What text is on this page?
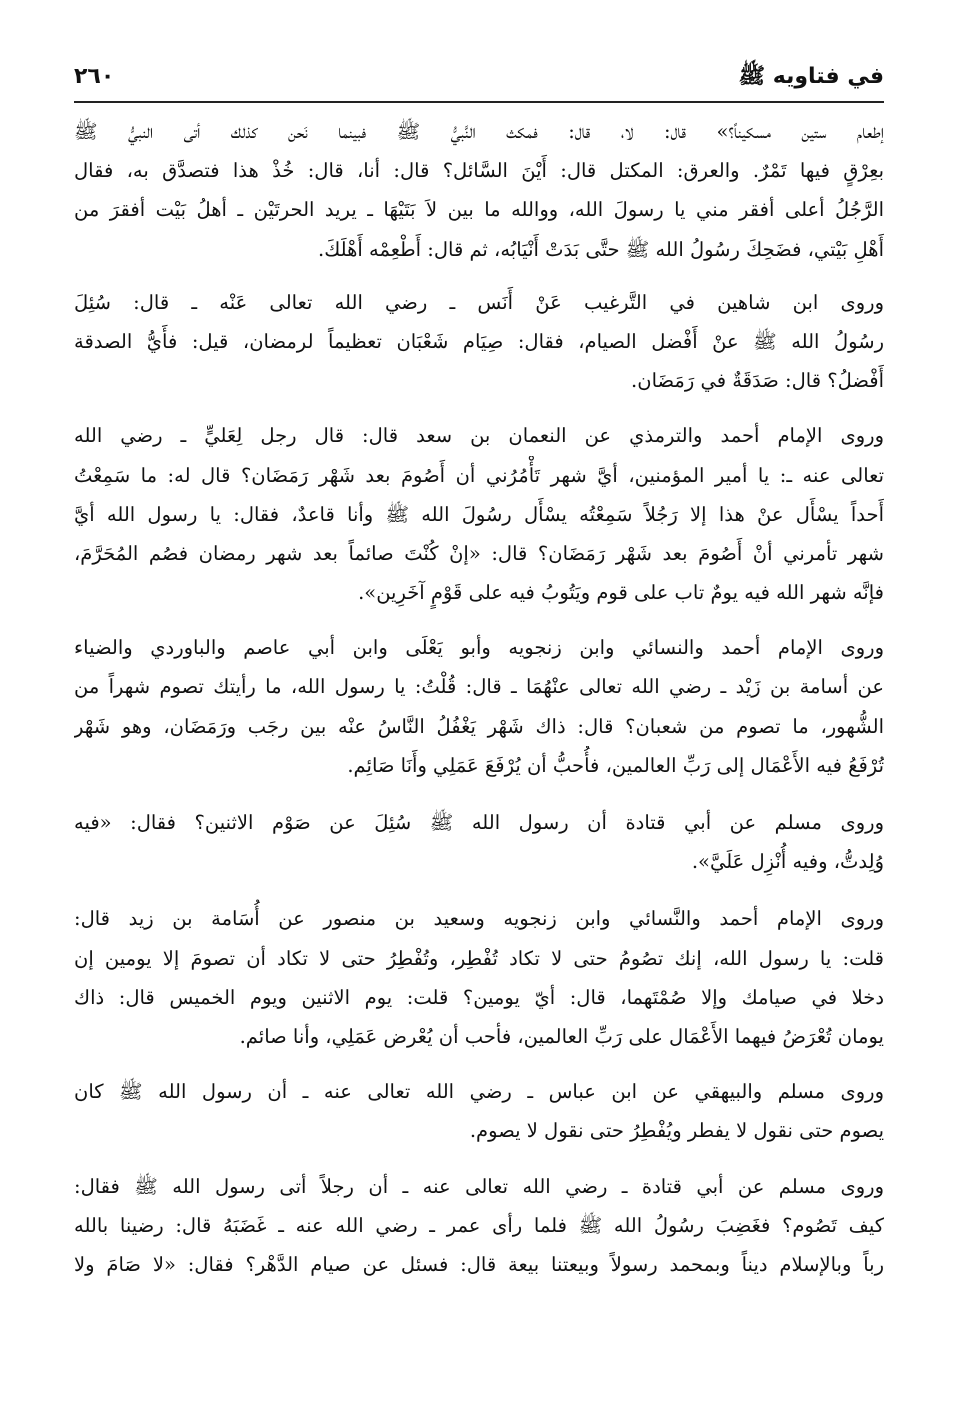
في فتاويه ﷺ
٢٦٠
إطعام ستين مسكيناً؟» قال: لا، قال: فمكث النَّبيُّ ﷺ فبينما نَحن كذلك أتى النبيُّ ﷺ
بعِرْقٍ فيها تَمْرٌ. والعرق: المكتل قال: أَيْنَ السَّائل؟ قال: أنا، قال: خُذْ هذا فتصدَّق به، فقال
الرَّجُلُ أعلى أفقر مني يا رسولَ الله، ووالله ما بين لاَ بَتَيْهَا ـ يريد الحرتَيْن ـ أهلُ بَيْت أفقرَ من
أَهْلِ بَيْتي، فضَحِكَ رسُولُ الله ﷺ حتَّى بَدَتْ أَنْيَابُه، ثم قال: أَطْعِمْه أَهْلَكَ.
وروى ابن شاهين في التَّرغيب عَنْ أَنَس ـ رضي الله تعالى عَنْه ـ قال: سُئِلَ
رسُولُ الله ﷺ عنْ أَفْضل الصيام، فقال: صِيَام شَعْبَان تعظيماً لرمضان، قيل: فأَيُّ الصدقة
أَفْضلُ؟ قال: صَدَقَةٌ في رَمَضَان.
وروى الإمام أحمد والترمذي عن النعمان بن سعد قال: قال رجل لِعَليٍّ ـ رضي الله
تعالى عنه ـ: يا أمير المؤمنين، أيَّ شهر تَأْمُرُني أن أَصُومَ بعد شَهْر رَمَضَان؟ قال له: ما سَمِعْتُ
أَحداً يسْأَل عنْ هذا إلا رَجُلاً سَمِعْتُه يسْأَل رسُولَ الله ﷺ وأنا قاعدٌ، فقال: يا رسول الله أيَّ
شهر تأمرني أنْ أَصُومَ بعد شَهْر رَمَضَان؟ قال: «إنْ كُنْتَ صائماً بعد شهر رمضان فصُم المُحَرَّمَ،
فإنَّه شهر الله فيه يومٌ تاب على قوم ويَتُوبُ فيه على قَوْمٍ آخَرِين».
وروى الإمام أحمد والنسائي وابن زنجويه وأبو يَعْلَى وابن أبي عاصم والباوردي والضياء
عن أسامة بن زَيْد ـ رضي الله تعالى عنْهُمَا ـ قال: قُلْتُ: يا رسول الله، ما رأيتك تصوم شهراً من
الشُّهور، ما تصوم من شعبان؟ قال: ذاك شَهْر يَغْفُلُ النَّاسُ عنْه بين رجَب ورَمَضَان، وهو شَهْر
تُرْفَعُ فيه الأَعْمَال إلى رَبِّ العالمين، فأُحبُّ أن يُرْفَعَ عَمَلِي وأَنَا صَائِم.
وروى مسلم عن أبي قتادة أن رسول الله ﷺ سُئِلَ عن صَوْم الاثنين؟ فقال: «فيه
وُلِدتُّ، وفيه أُنْزِل عَلَيَّ».
وروى الإمام أحمد والنَّسائي وابن زنجويه وسعيد بن منصور عن أُسَامة بن زيد قال:
قلت: يا رسول الله، إنك تصُومُ حتى لا تكاد تُفْطِر، وتُفْطِرُ حتى لا تكاد أن تصومَ إلا يومين إن
دخلا في صيامك وإلا صُمْتَهما، قال: أيّ يومين؟ قلت: يوم الاثنين ويوم الخميس قال: ذاك
يومان تُعْرَضُ فيهما الأَعْمَال على رَبِّ العالمين، فأحب أن يُعْرض عَمَلِي، وأنا صائم.
وروى مسلم والبيهقي عن ابن عباس ـ رضي الله تعالى عنه ـ أن رسول الله ﷺ كان
يصوم حتى نقول لا يفطر ويُفْطِرُ حتى نقول لا يصوم.
وروى مسلم عن أبي قتادة ـ رضي الله تعالى عنه ـ أن رجلاً أتى رسول الله ﷺ فقال:
كيف تَصُوم؟ فغَضِبَ رسُولُ الله ﷺ فلما رأى عمر ـ رضي الله عنه ـ غَضَبَهُ قال: رضينا بالله
رباً وبالإسلام ديناً وبمحمد رسولاً وبيعتنا بيعة قال: فسئل عن صيام الدَّهْر؟ فقال: «لا صَامَ ولا
